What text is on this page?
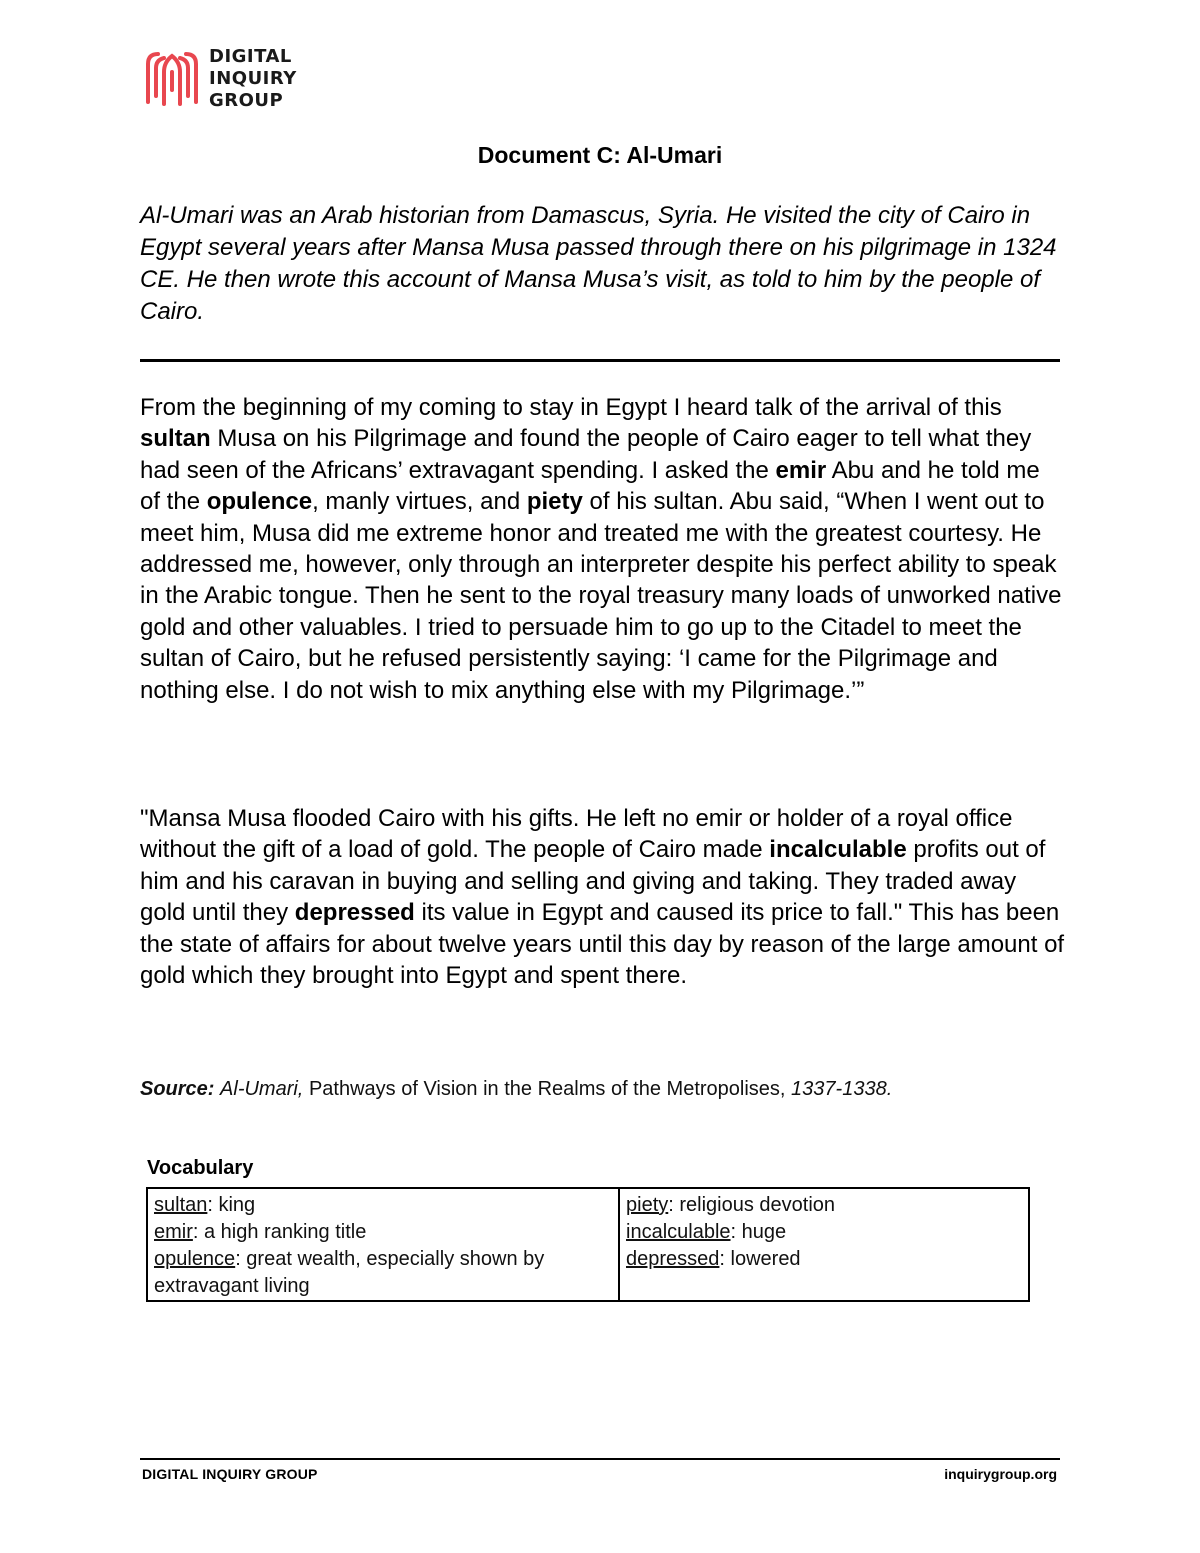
DIGITAL
INQUIRY
GROUP
Document C: Al-Umari

Al-Umari was an Arab historian from Damascus, Syria. He visited the city of Cairo in Egypt several years after Mansa Musa passed through there on his pilgrimage in 1324 CE. He then wrote this account of Mansa Musa’s visit, as told to him by the people of Cairo.

From the beginning of my coming to stay in Egypt I heard talk of the arrival of this sultan Musa on his Pilgrimage and found the people of Cairo eager to tell what they had seen of the Africans’ extravagant spending. I asked the emir Abu and he told me of the opulence, manly virtues, and piety of his sultan. Abu said, “When I went out to meet him, Musa did me extreme honor and treated me with the greatest courtesy. He addressed me, however, only through an interpreter despite his perfect ability to speak in the Arabic tongue. Then he sent to the royal treasury many loads of unworked native gold and other valuables. I tried to persuade him to go up to the Citadel to meet the sultan of Cairo, but he refused persistently saying: ‘I came for the Pilgrimage and nothing else. I do not wish to mix anything else with my Pilgrimage.’”

"Mansa Musa flooded Cairo with his gifts. He left no emir or holder of a royal office without the gift of a load of gold. The people of Cairo made incalculable profits out of him and his caravan in buying and selling and giving and taking. They traded away gold until they depressed its value in Egypt and caused its price to fall." This has been the state of affairs for about twelve years until this day by reason of the large amount of gold which they brought into Egypt and spent there.

Source: Al-Umari, Pathways of Vision in the Realms of the Metropolises, 1337-1338.

Vocabulary
sultan: king
emir: a high ranking title
opulence: great wealth, especially shown by extravagant living
piety: religious devotion
incalculable: huge
depressed: lowered
DIGITAL INQUIRY GROUP	inquirygroup.org
